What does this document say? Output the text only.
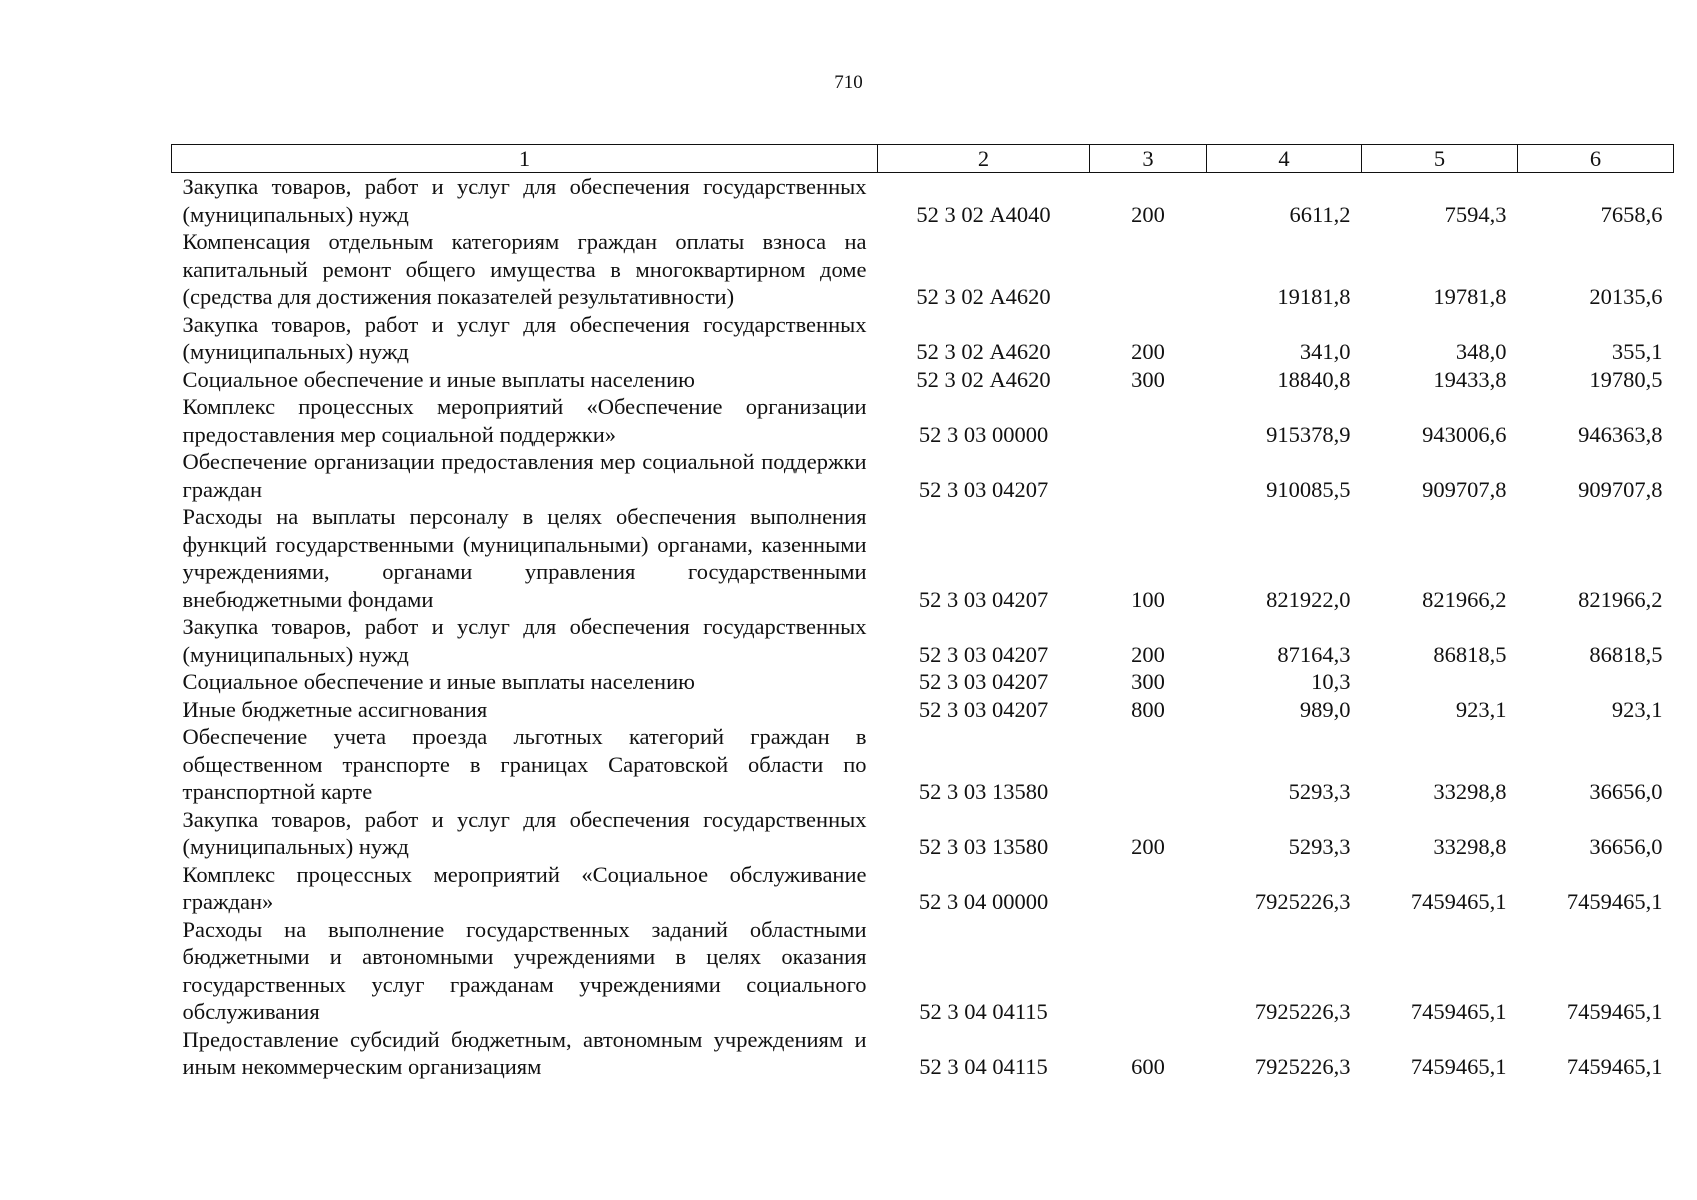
710
1	2	3	4	5	6
Закупка товаров, работ и услуг для обеспечения государственных (муниципальных) нужд	52 3 02 А4040	200	6611,2	7594,3	7658,6
Компенсация отдельным категориям граждан оплаты взноса на капитальный ремонт общего имущества в многоквартирном доме (средства для достижения показателей результативности)	52 3 02 А4620		19181,8	19781,8	20135,6
Закупка товаров, работ и услуг для обеспечения государственных (муниципальных) нужд	52 3 02 А4620	200	341,0	348,0	355,1
Социальное обеспечение и иные выплаты населению	52 3 02 А4620	300	18840,8	19433,8	19780,5
Комплекс процессных мероприятий «Обеспечение организации предоставления мер социальной поддержки»	52 3 03 00000		915378,9	943006,6	946363,8
Обеспечение организации предоставления мер социальной поддержки граждан	52 3 03 04207		910085,5	909707,8	909707,8
Расходы на выплаты персоналу в целях обеспечения выполнения функций государственными (муниципальными) органами, казенными учреждениями, органами управления государственными внебюджетными фондами	52 3 03 04207	100	821922,0	821966,2	821966,2
Закупка товаров, работ и услуг для обеспечения государственных (муниципальных) нужд	52 3 03 04207	200	87164,3	86818,5	86818,5
Социальное обеспечение и иные выплаты населению	52 3 03 04207	300	10,3		
Иные бюджетные ассигнования	52 3 03 04207	800	989,0	923,1	923,1
Обеспечение учета проезда льготных категорий граждан в общественном транспорте в границах Саратовской области по транспортной карте	52 3 03 13580		5293,3	33298,8	36656,0
Закупка товаров, работ и услуг для обеспечения государственных (муниципальных) нужд	52 3 03 13580	200	5293,3	33298,8	36656,0
Комплекс процессных мероприятий «Социальное обслуживание граждан»	52 3 04 00000		7925226,3	7459465,1	7459465,1
Расходы на выполнение государственных заданий областными бюджетными и автономными учреждениями в целях оказания государственных услуг гражданам учреждениями социального обслуживания	52 3 04 04115		7925226,3	7459465,1	7459465,1
Предоставление субсидий бюджетным, автономным учреждениям и иным некоммерческим организациям	52 3 04 04115	600	7925226,3	7459465,1	7459465,1
